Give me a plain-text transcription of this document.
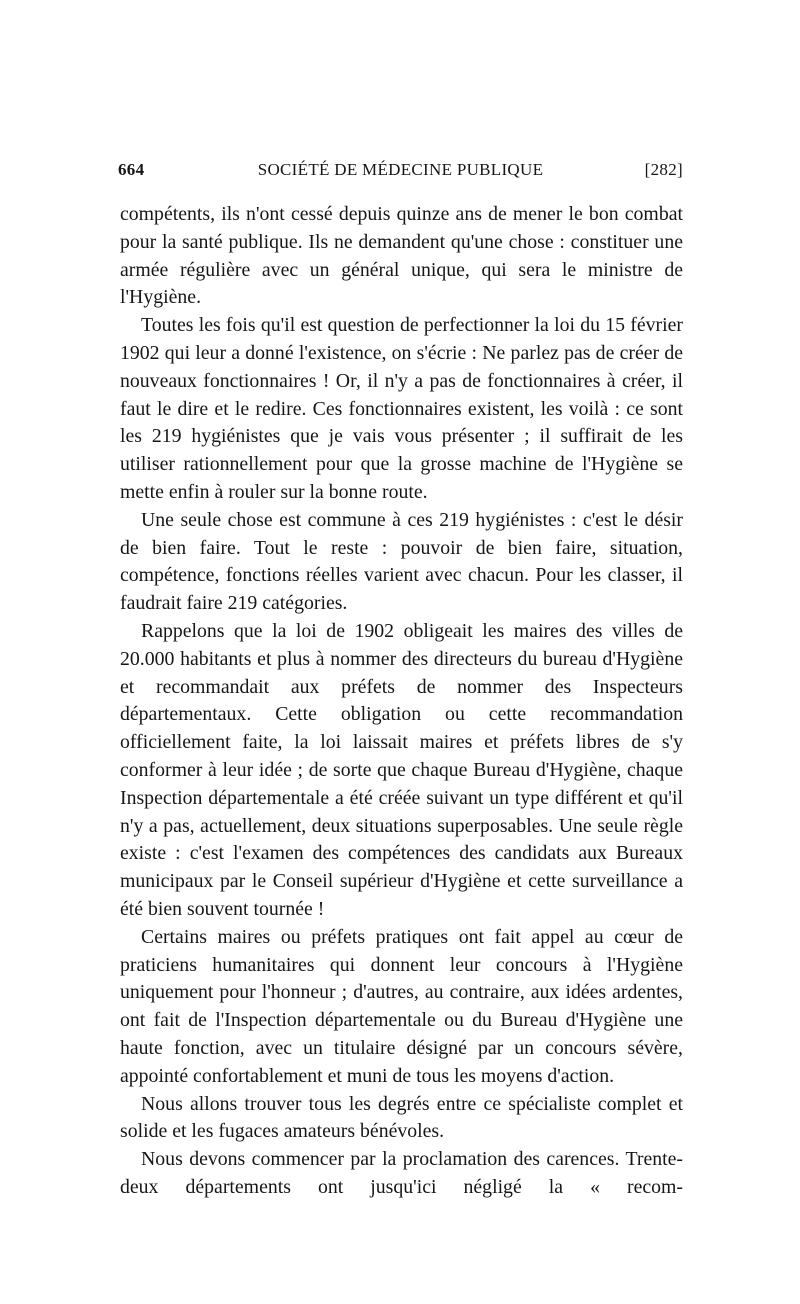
664	SOCIÉTÉ DE MÉDECINE PUBLIQUE	[282]

compétents, ils n'ont cessé depuis quinze ans de mener le bon combat pour la santé publique. Ils ne demandent qu'une chose : constituer une armée régulière avec un général unique, qui sera le ministre de l'Hygiène.

Toutes les fois qu'il est question de perfectionner la loi du 15 février 1902 qui leur a donné l'existence, on s'écrie : Ne parlez pas de créer de nouveaux fonctionnaires ! Or, il n'y a pas de fonctionnaires à créer, il faut le dire et le redire. Ces fonctionnaires existent, les voilà : ce sont les 219 hygiénistes que je vais vous présenter ; il suffirait de les utiliser rationnellement pour que la grosse machine de l'Hygiène se mette enfin à rouler sur la bonne route.

Une seule chose est commune à ces 219 hygiénistes : c'est le désir de bien faire. Tout le reste : pouvoir de bien faire, situation, compétence, fonctions réelles varient avec chacun. Pour les classer, il faudrait faire 219 catégories.

Rappelons que la loi de 1902 obligeait les maires des villes de 20.000 habitants et plus à nommer des directeurs du bureau d'Hygiène et recommandait aux préfets de nommer des Inspecteurs départementaux. Cette obligation ou cette recommandation officiellement faite, la loi laissait maires et préfets libres de s'y conformer à leur idée ; de sorte que chaque Bureau d'Hygiène, chaque Inspection départementale a été créée suivant un type différent et qu'il n'y a pas, actuellement, deux situations superposables. Une seule règle existe : c'est l'examen des compétences des candidats aux Bureaux municipaux par le Conseil supérieur d'Hygiène et cette surveillance a été bien souvent tournée !

Certains maires ou préfets pratiques ont fait appel au cœur de praticiens humanitaires qui donnent leur concours à l'Hygiène uniquement pour l'honneur ; d'autres, au contraire, aux idées ardentes, ont fait de l'Inspection départementale ou du Bureau d'Hygiène une haute fonction, avec un titulaire désigné par un concours sévère, appointé confortablement et muni de tous les moyens d'action.

Nous allons trouver tous les degrés entre ce spécialiste complet et solide et les fugaces amateurs bénévoles.

Nous devons commencer par la proclamation des carences. Trente-deux départements ont jusqu'ici négligé la « recom-
